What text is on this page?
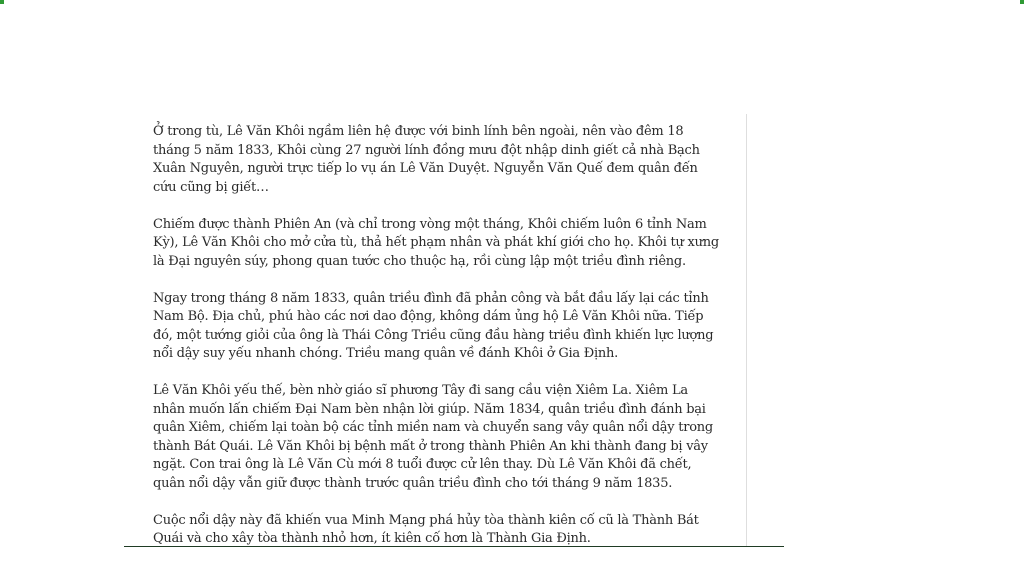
Ở trong tù, Lê Văn Khôi ngầm liên hệ được với binh lính bên ngoài, nên vào đêm 18 tháng 5 năm 1833, Khôi cùng 27 người lính đồng mưu đột nhập dinh giết cả nhà Bạch Xuân Nguyên, người trực tiếp lo vụ án Lê Văn Duyệt. Nguyễn Văn Quế đem quân đến cứu cũng bị giết…

Chiếm được thành Phiên An (và chỉ trong vòng một tháng, Khôi chiếm luôn 6 tỉnh Nam Kỳ), Lê Văn Khôi cho mở cửa tù, thả hết phạm nhân và phát khí giới cho họ. Khôi tự xưng là Đại nguyên súy, phong quan tước cho thuộc hạ, rồi cùng lập một triều đình riêng.

Ngay trong tháng 8 năm 1833, quân triều đình đã phản công và bắt đầu lấy lại các tỉnh Nam Bộ. Địa chủ, phú hào các nơi dao động, không dám ủng hộ Lê Văn Khôi nữa. Tiếp đó, một tướng giỏi của ông là Thái Công Triều cũng đầu hàng triều đình khiến lực lượng nổi dậy suy yếu nhanh chóng. Triều mang quân về đánh Khôi ở Gia Định.

Lê Văn Khôi yếu thế, bèn nhờ giáo sĩ phương Tây đi sang cầu viện Xiêm La. Xiêm La nhân muốn lấn chiếm Đại Nam bèn nhận lời giúp. Năm 1834, quân triều đình đánh bại quân Xiêm, chiếm lại toàn bộ các tỉnh miền nam và chuyển sang vây quân nổi dậy trong thành Bát Quái. Lê Văn Khôi bị bệnh mất ở trong thành Phiên An khi thành đang bị vây ngặt. Con trai ông là Lê Văn Cù mới 8 tuổi được cử lên thay. Dù Lê Văn Khôi đã chết, quân nổi dậy vẫn giữ được thành trước quân triều đình cho tới tháng 9 năm 1835.

Cuộc nổi dậy này đã khiến vua Minh Mạng phá hủy tòa thành kiên cố cũ là Thành Bát Quái và cho xây tòa thành nhỏ hơn, ít kiên cố hơn là Thành Gia Định.
